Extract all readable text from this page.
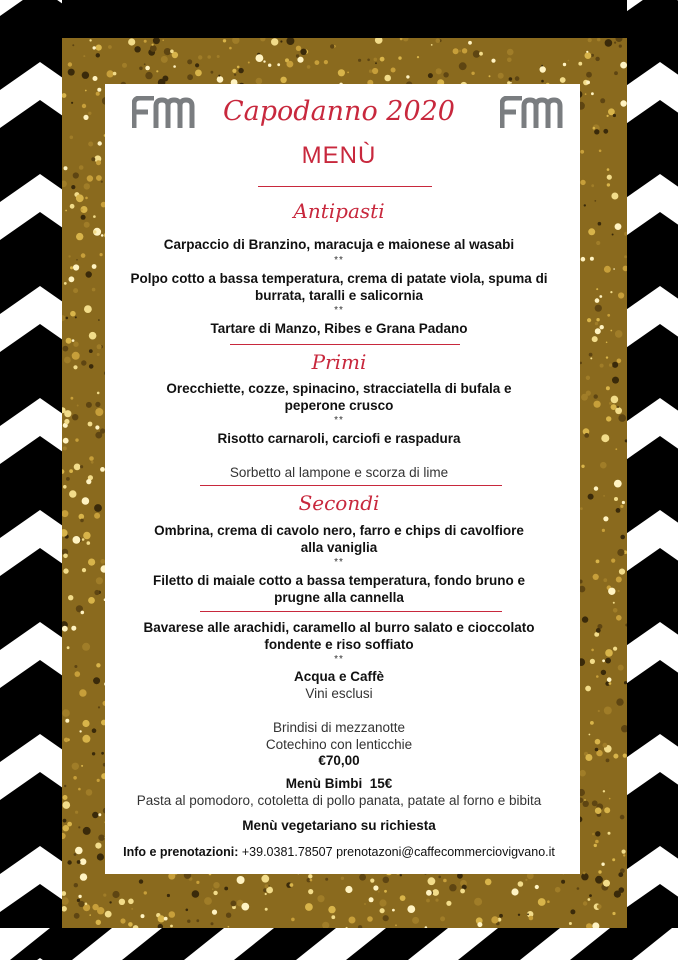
Capodanno 2020
MENÙ
Antipasti
Carpaccio di Branzino, maracuja e maionese al wasabi
**
Polpo cotto a bassa temperatura, crema di patate viola, spuma di
burrata, taralli e salicornia
**
Tartare di Manzo, Ribes e Grana Padano
Primi
Orecchiette, cozze, spinacino, stracciatella di bufala e
peperone crusco
**
Risotto carnaroli, carciofi e raspadura
Sorbetto al lampone e scorza di lime
Secondi
Ombrina, crema di cavolo nero, farro e chips di cavolfiore
alla vaniglia
**
Filetto di maiale cotto a bassa temperatura, fondo bruno e
prugne alla cannella
Bavarese alle arachidi, caramello al burro salato e cioccolato
fondente e riso soffiato
**
Acqua e Caffè
Vini esclusi
Brindisi di mezzanotte
Cotechino con lenticchie
€70,00
Menù Bimbi  15€
Pasta al pomodoro, cotoletta di pollo panata, patate al forno e bibita
Menù vegetariano su richiesta
Info e prenotazioni: +39.0381.78507 prenotazoni@caffecommerciovigvano.it
